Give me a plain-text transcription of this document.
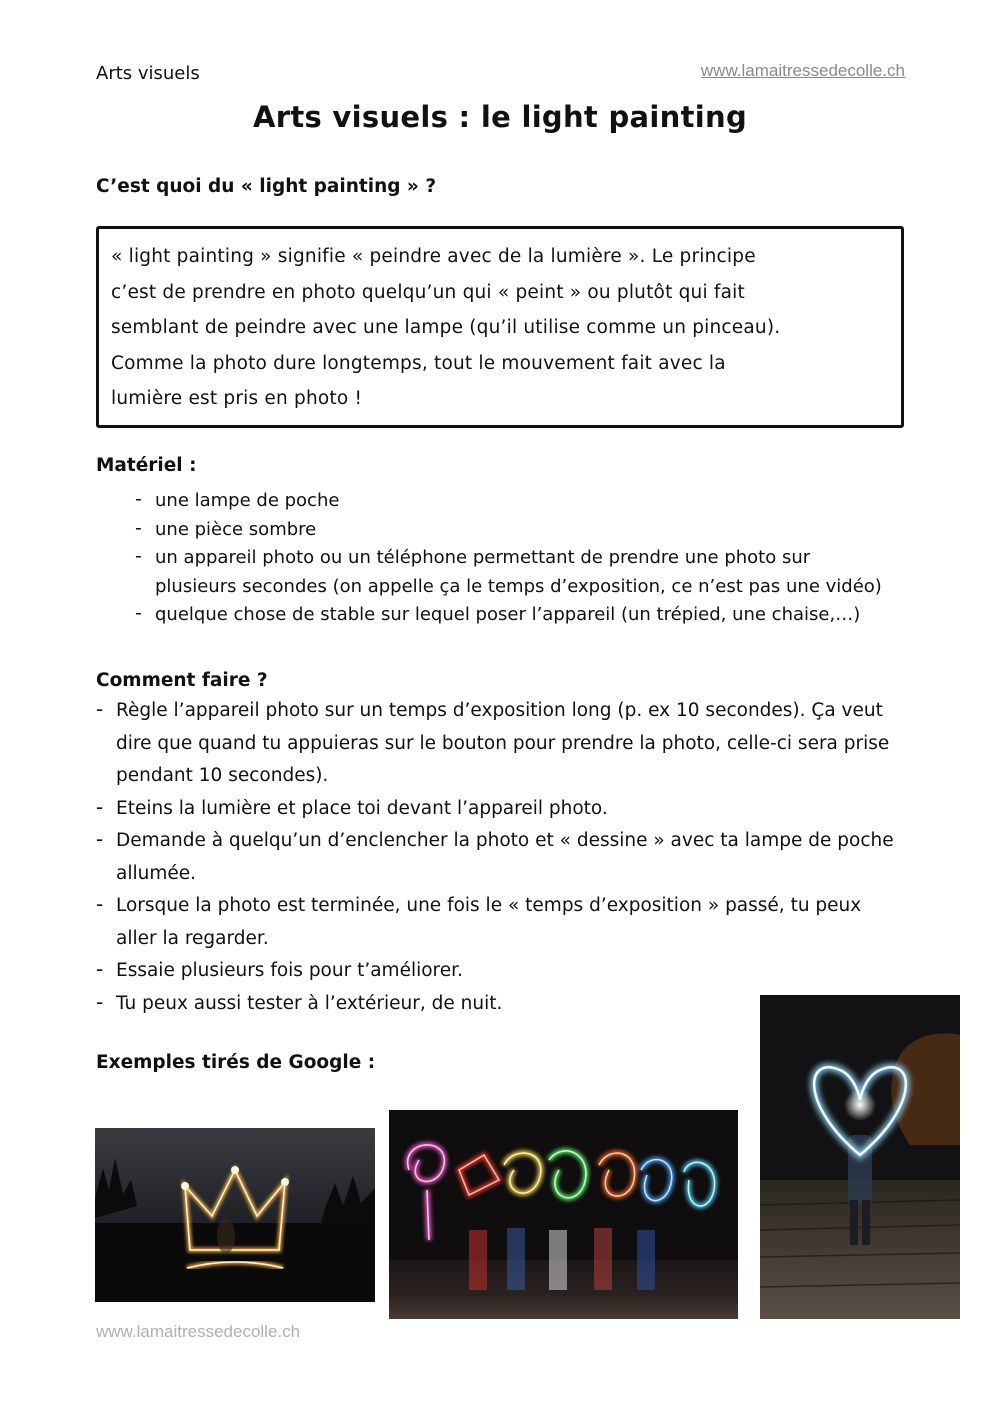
Arts visuels	www.lamaitressedecolle.ch
Arts visuels : le light painting
C’est quoi du « light painting » ?

« light painting » signifie « peindre avec de la lumière ». Le principe

c’est de prendre en photo quelqu’un qui « peint » ou plutôt qui fait

semblant de peindre avec une lampe (qu’il utilise comme un pinceau).

Comme la photo dure longtemps, tout le mouvement fait avec la

lumière est pris en photo !

Matériel :
- une lampe de poche
- une pièce sombre
- un appareil photo ou un téléphone permettant de prendre une photo sur
plusieurs secondes (on appelle ça le temps d’exposition, ce n’est pas une vidéo)
- quelque chose de stable sur lequel poser l’appareil (un trépied, une chaise,…)
Comment faire ?
- Règle l’appareil photo sur un temps d’exposition long (p. ex 10 secondes). Ça veut
dire que quand tu appuieras sur le bouton pour prendre la photo, celle-ci sera prise
pendant 10 secondes).
- Eteins la lumière et place toi devant l’appareil photo.
- Demande à quelqu’un d’enclencher la photo et « dessine » avec ta lampe de poche
allumée.
- Lorsque la photo est terminée, une fois le « temps d’exposition » passé, tu peux
aller la regarder.
- Essaie plusieurs fois pour t’améliorer.
- Tu peux aussi tester à l’extérieur, de nuit.
Exemples tirés de Google :
www.lamaitressedecolle.ch
